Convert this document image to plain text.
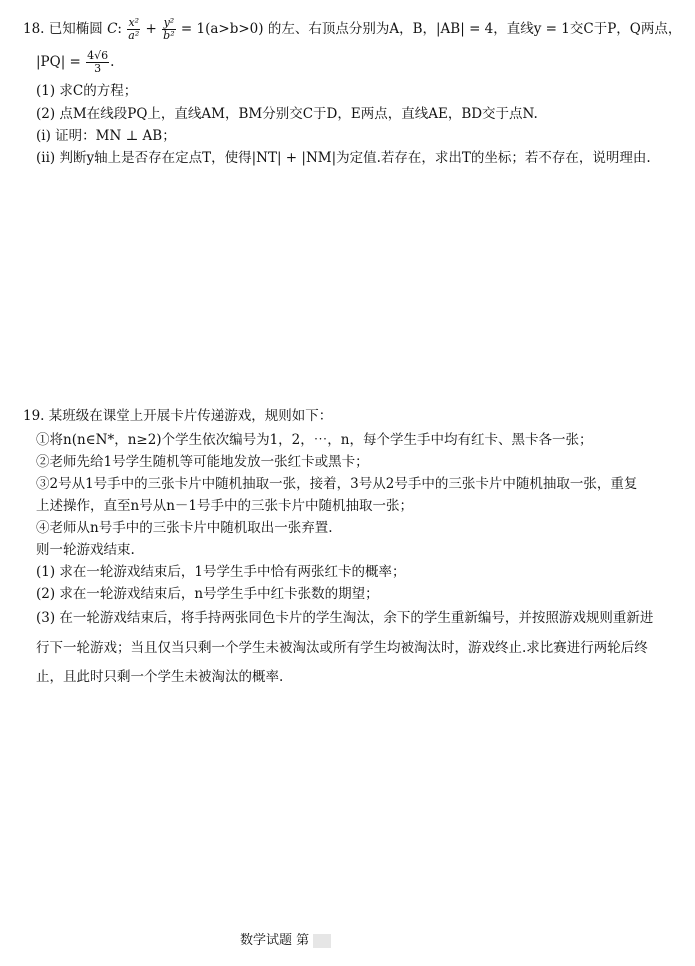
18. 已知椭圆 C: $\frac{\text{x²}}{\text{a²}} + \frac{\text{y²}}{\text{b²}} = 1(a>b>0)$ 的左、右顶点分别为A，B，|AB| = 4，直线y = 1交C于P，Q两点，
$|PQ| = \frac{4√6}{3}$ .
(1) 求C的方程；
(2) 点M在线段PQ上，直线AM，BM分别交C于D，E两点，直线AE，BD交于点N.
(i) 证明：MN ⊥ AB；
(ii) 判断y轴上是否存在定点T，使得|NT| + |NM|为定值.若存在，求出T的坐标；若不存在，说明理由.
19. 某班级在课堂上开展卡片传递游戏，规则如下：
①将n(n∈N*，n≥2)个学生依次编号为1，2，⋯，n，每个学生手中均有红卡、黑卡各一张；
②老师先给1号学生随机等可能地发放一张红卡或黑卡；
③2号从1号手中的三张卡片中随机抽取一张，接着，3号从2号手中的三张卡片中随机抽取一张，重复
上述操作，直至n号从n－1号手中的三张卡片中随机抽取一张；
④老师从n号手中的三张卡片中随机取出一张弃置.
则一轮游戏结束.
(1) 求在一轮游戏结束后，1号学生手中恰有两张红卡的概率；
(2) 求在一轮游戏结束后，n号学生手中红卡张数的期望；
(3) 在一轮游戏结束后，将手持两张同色卡片的学生淘汰，余下的学生重新编号，并按照游戏规则重新进
行下一轮游戏；当且仅当只剩一个学生未被淘汰或所有学生均被淘汰时，游戏终止.求比赛进行两轮后终
止，且此时只剩一个学生未被淘汰的概率.
数学试题 第
